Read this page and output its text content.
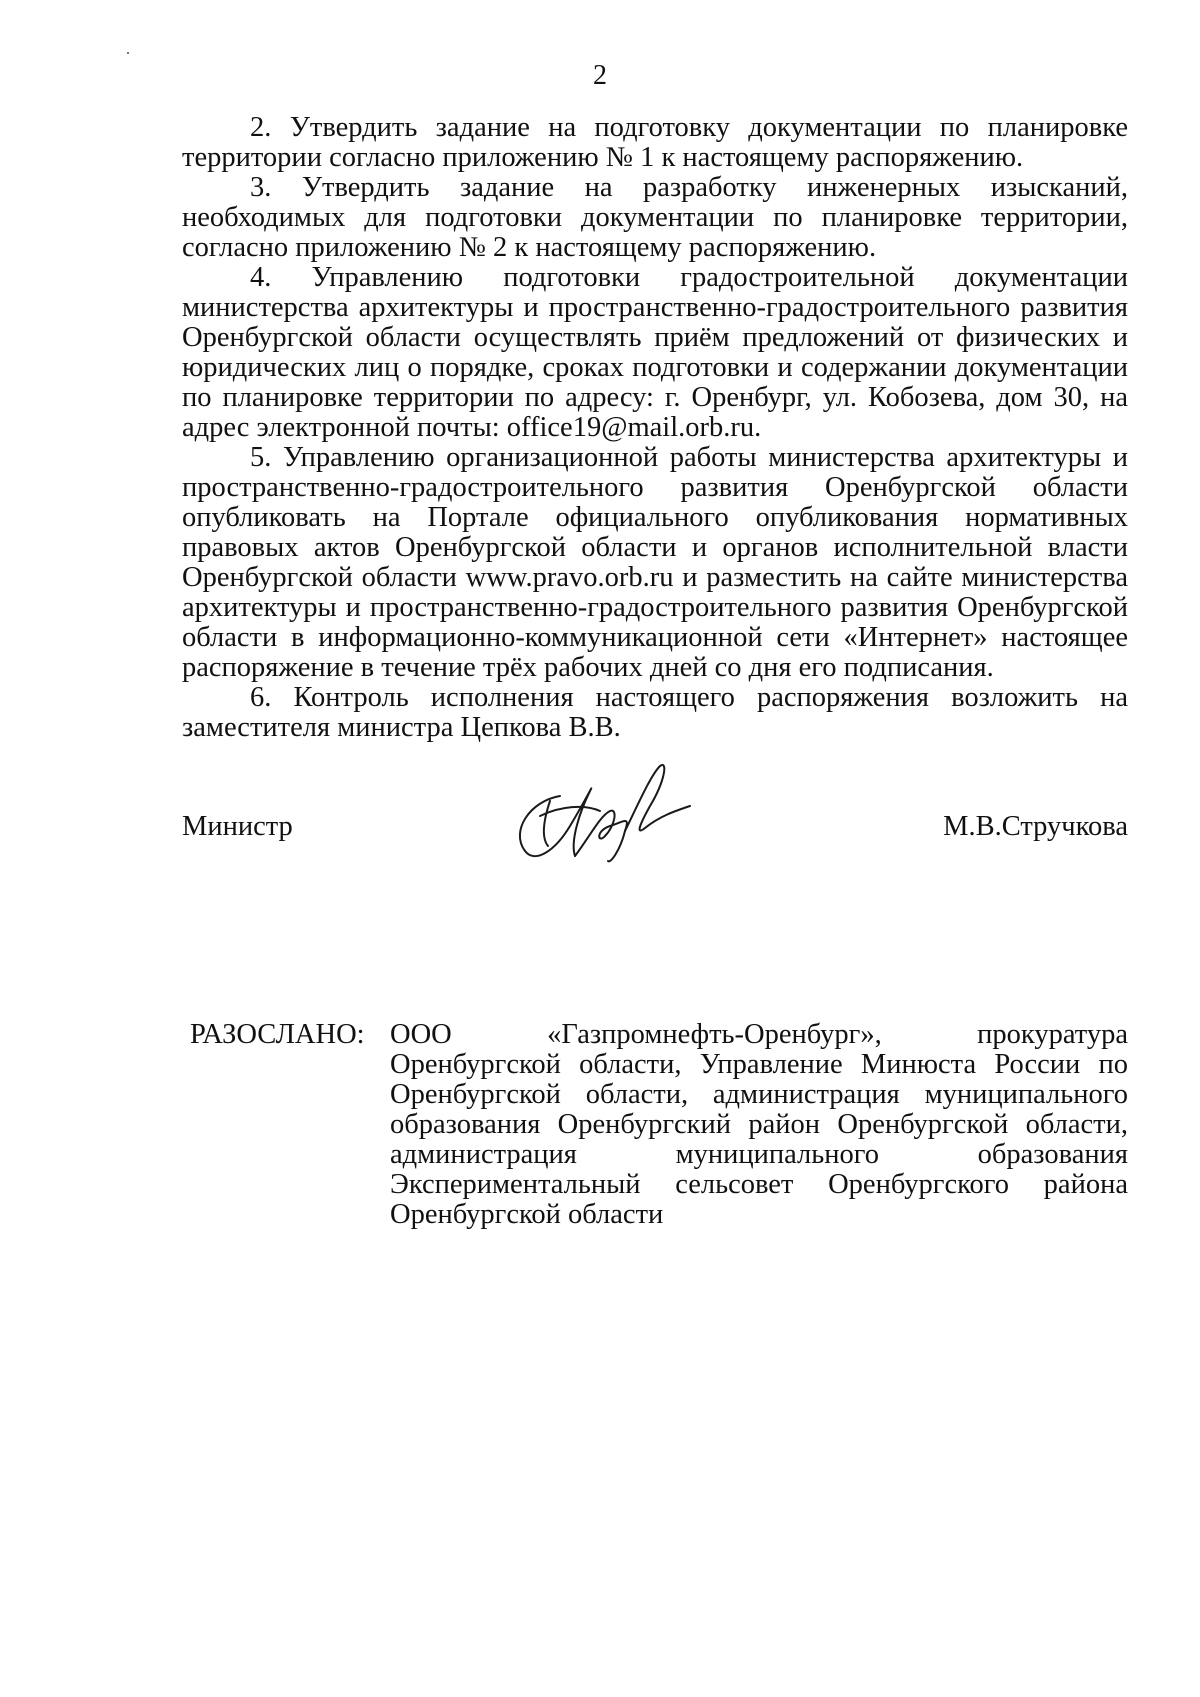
2

2. Утвердить задание на подготовку документации по планировке территории согласно приложению № 1 к настоящему распоряжению.

3. Утвердить задание на разработку инженерных изысканий, необходимых для подготовки документации по планировке территории, согласно приложению № 2 к настоящему распоряжению.

4. Управлению подготовки градостроительной документации министерства архитектуры и пространственно-градостроительного развития Оренбургской области осуществлять приём предложений от физических и юридических лиц о порядке, сроках подготовки и содержании документации по планировке территории по адресу: г. Оренбург, ул. Кобозева, дом 30, на адрес электронной почты: office19@mail.orb.ru.

5. Управлению организационной работы министерства архитектуры и пространственно-градостроительного развития Оренбургской области опубликовать на Портале официального опубликования нормативных правовых актов Оренбургской области и органов исполнительной власти Оренбургской области www.pravo.orb.ru и разместить на сайте министерства архитектуры и пространственно-градостроительного развития Оренбургской области в информационно-коммуникационной сети «Интернет» настоящее распоряжение в течение трёх рабочих дней со дня его подписания.

6. Контроль исполнения настоящего распоряжения возложить на заместителя министра Цепкова В.В.

Министр	М.В.Стручкова
РАЗОСЛАНО: ООО «Газпромнефть-Оренбург», прокуратура Оренбургской области, Управление Минюста России по Оренбургской области, администрация муниципального образования Оренбургский район Оренбургской области, администрация муниципального образования Экспериментальный сельсовет Оренбургского района Оренбургской области
